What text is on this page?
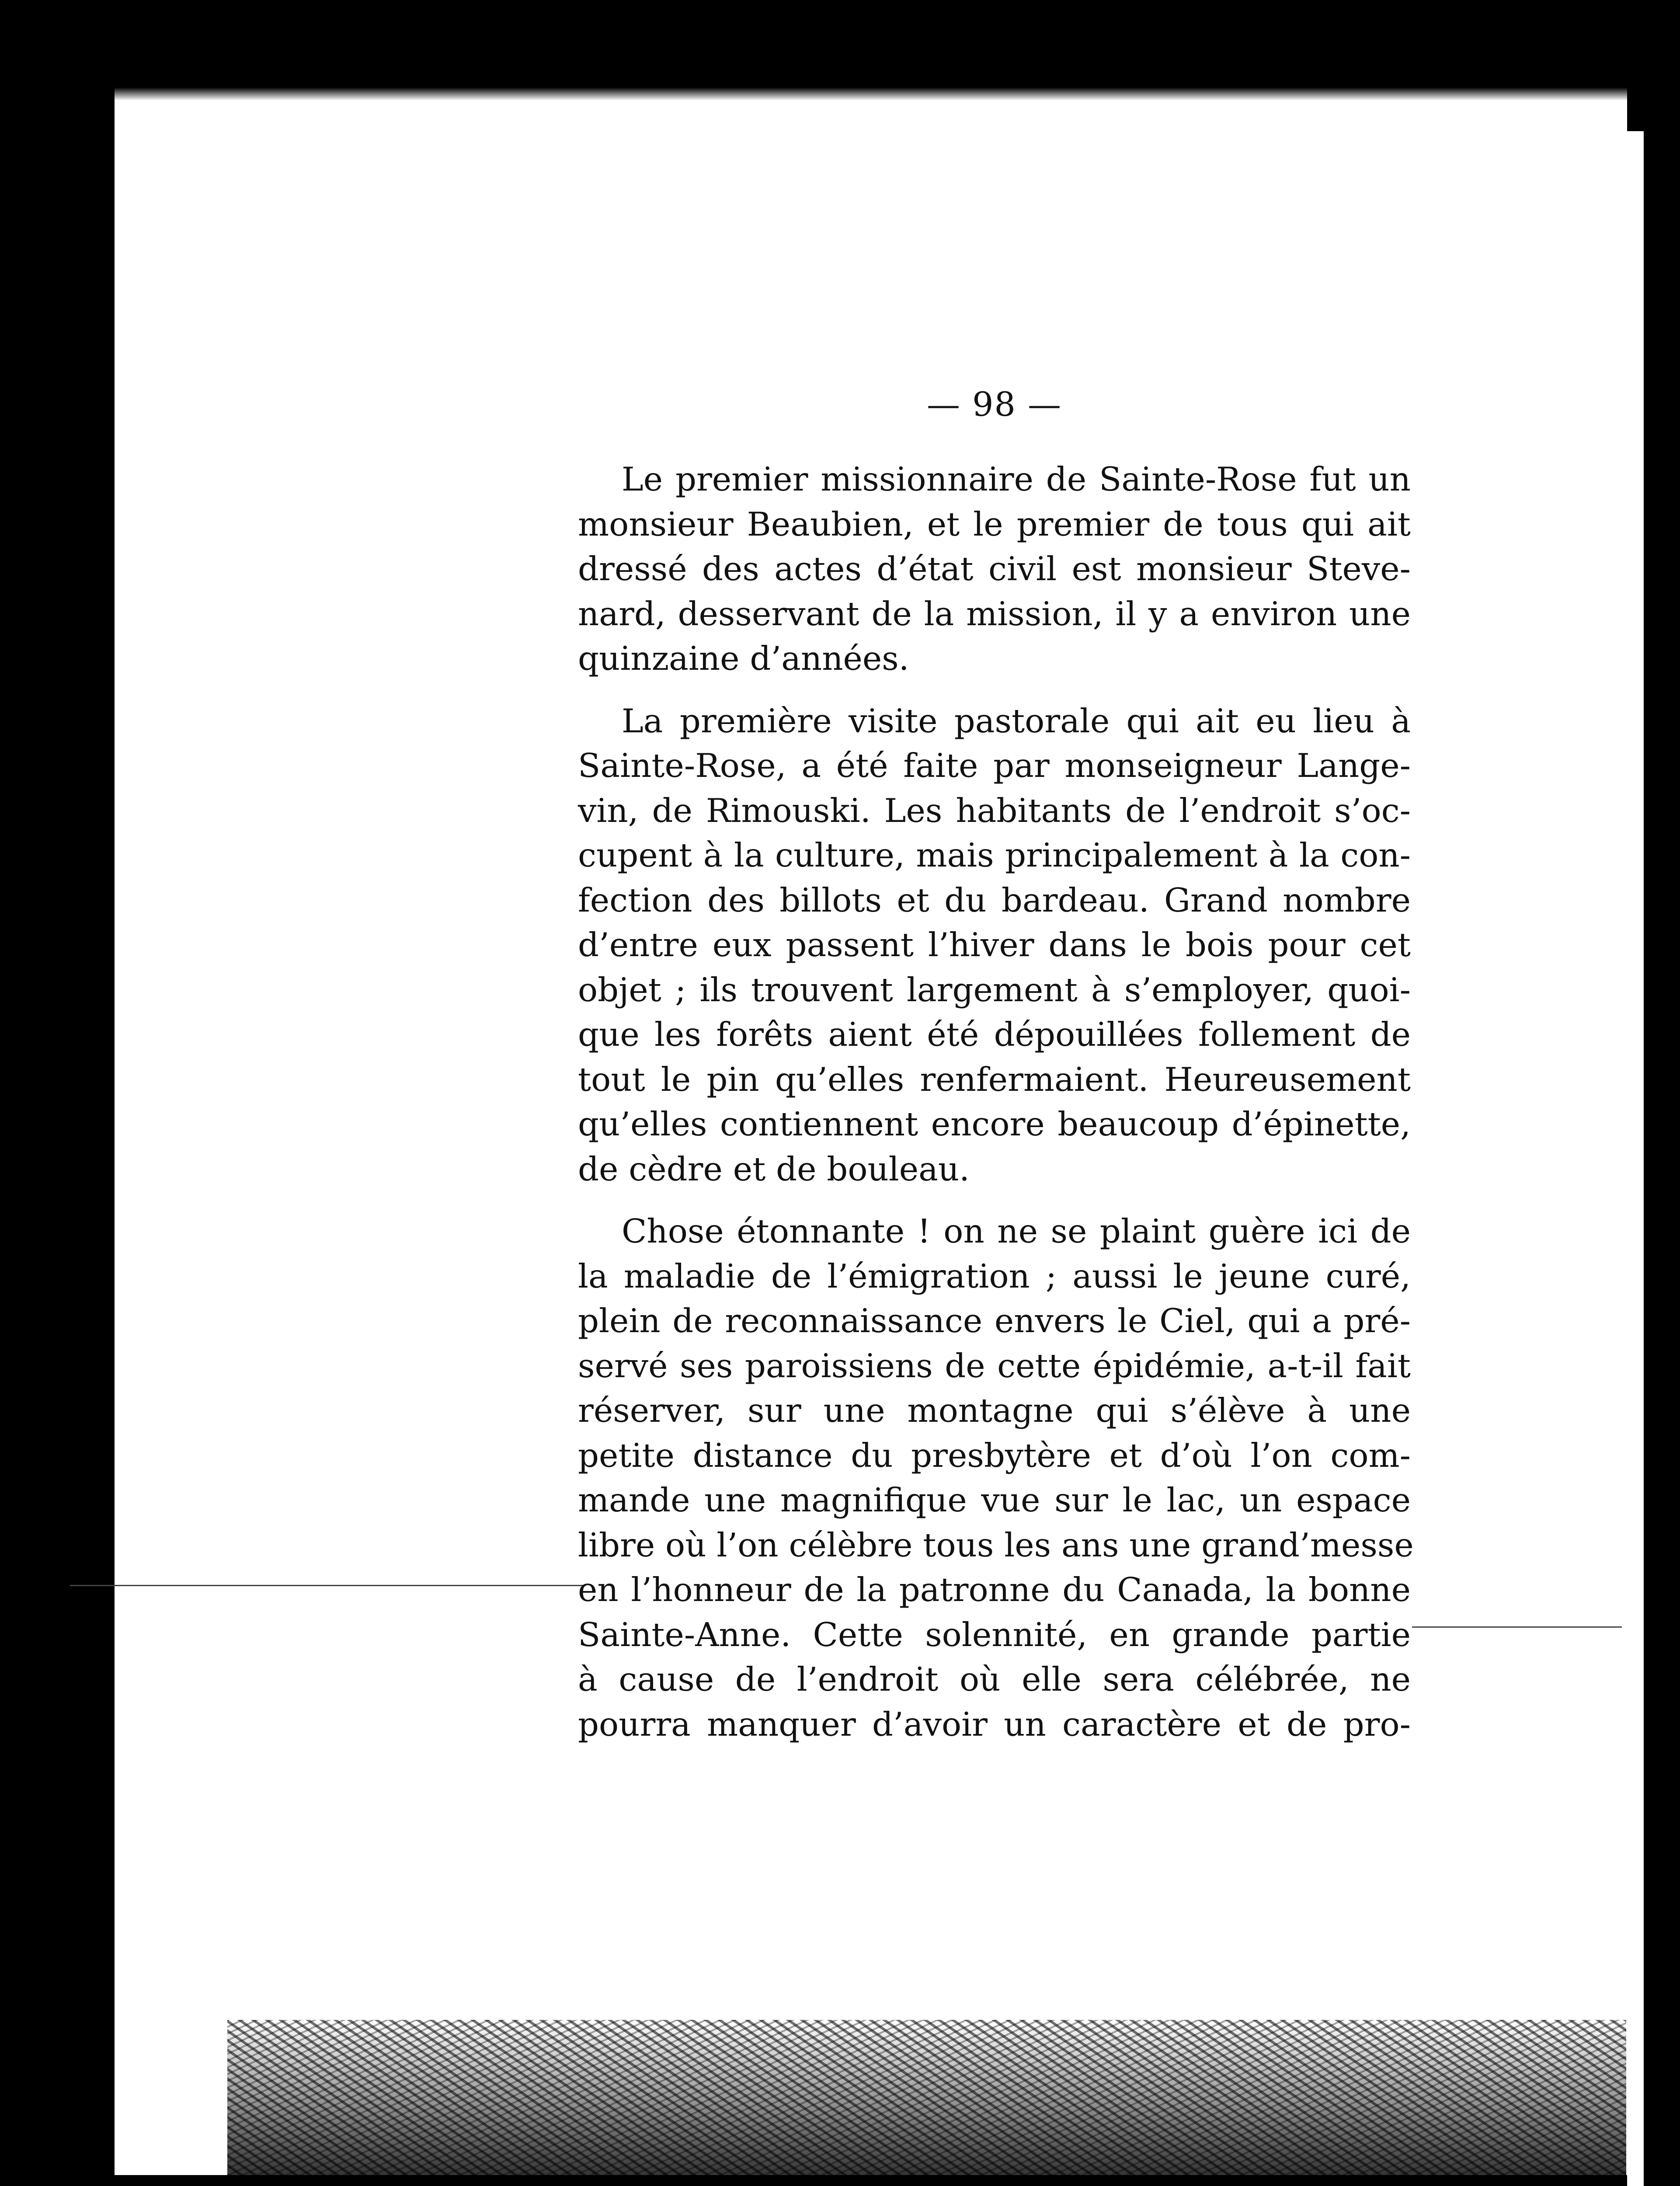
— 98 —

Le premier missionnaire de Sainte-Rose fut un
monsieur Beaubien, et le premier de tous qui ait
dressé des actes d’état civil est monsieur Steve-
nard, desservant de la mission, il y a environ une
quinzaine d’années.

La première visite pastorale qui ait eu lieu à
Sainte-Rose, a été faite par monseigneur Lange-
vin, de Rimouski. Les habitants de l’endroit s’oc-
cupent à la culture, mais principalement à la con-
fection des billots et du bardeau. Grand nombre
d’entre eux passent l’hiver dans le bois pour cet
objet ; ils trouvent largement à s’employer, quoi-
que les forêts aient été dépouillées follement de
tout le pin qu’elles renfermaient. Heureusement
qu’elles contiennent encore beaucoup d’épinette,
de cèdre et de bouleau.

Chose étonnante ! on ne se plaint guère ici de
la maladie de l’émigration ; aussi le jeune curé,
plein de reconnaissance envers le Ciel, qui a pré-
servé ses paroissiens de cette épidémie, a-t-il fait
réserver, sur une montagne qui s’élève à une
petite distance du presbytère et d’où l’on com-
mande une magnifique vue sur le lac, un espace
libre où l’on célèbre tous les ans une grand’messe
en l’honneur de la patronne du Canada, la bonne
Sainte-Anne. Cette solennité, en grande partie
à cause de l’endroit où elle sera célébrée, ne
pourra manquer d’avoir un caractère et de pro-
